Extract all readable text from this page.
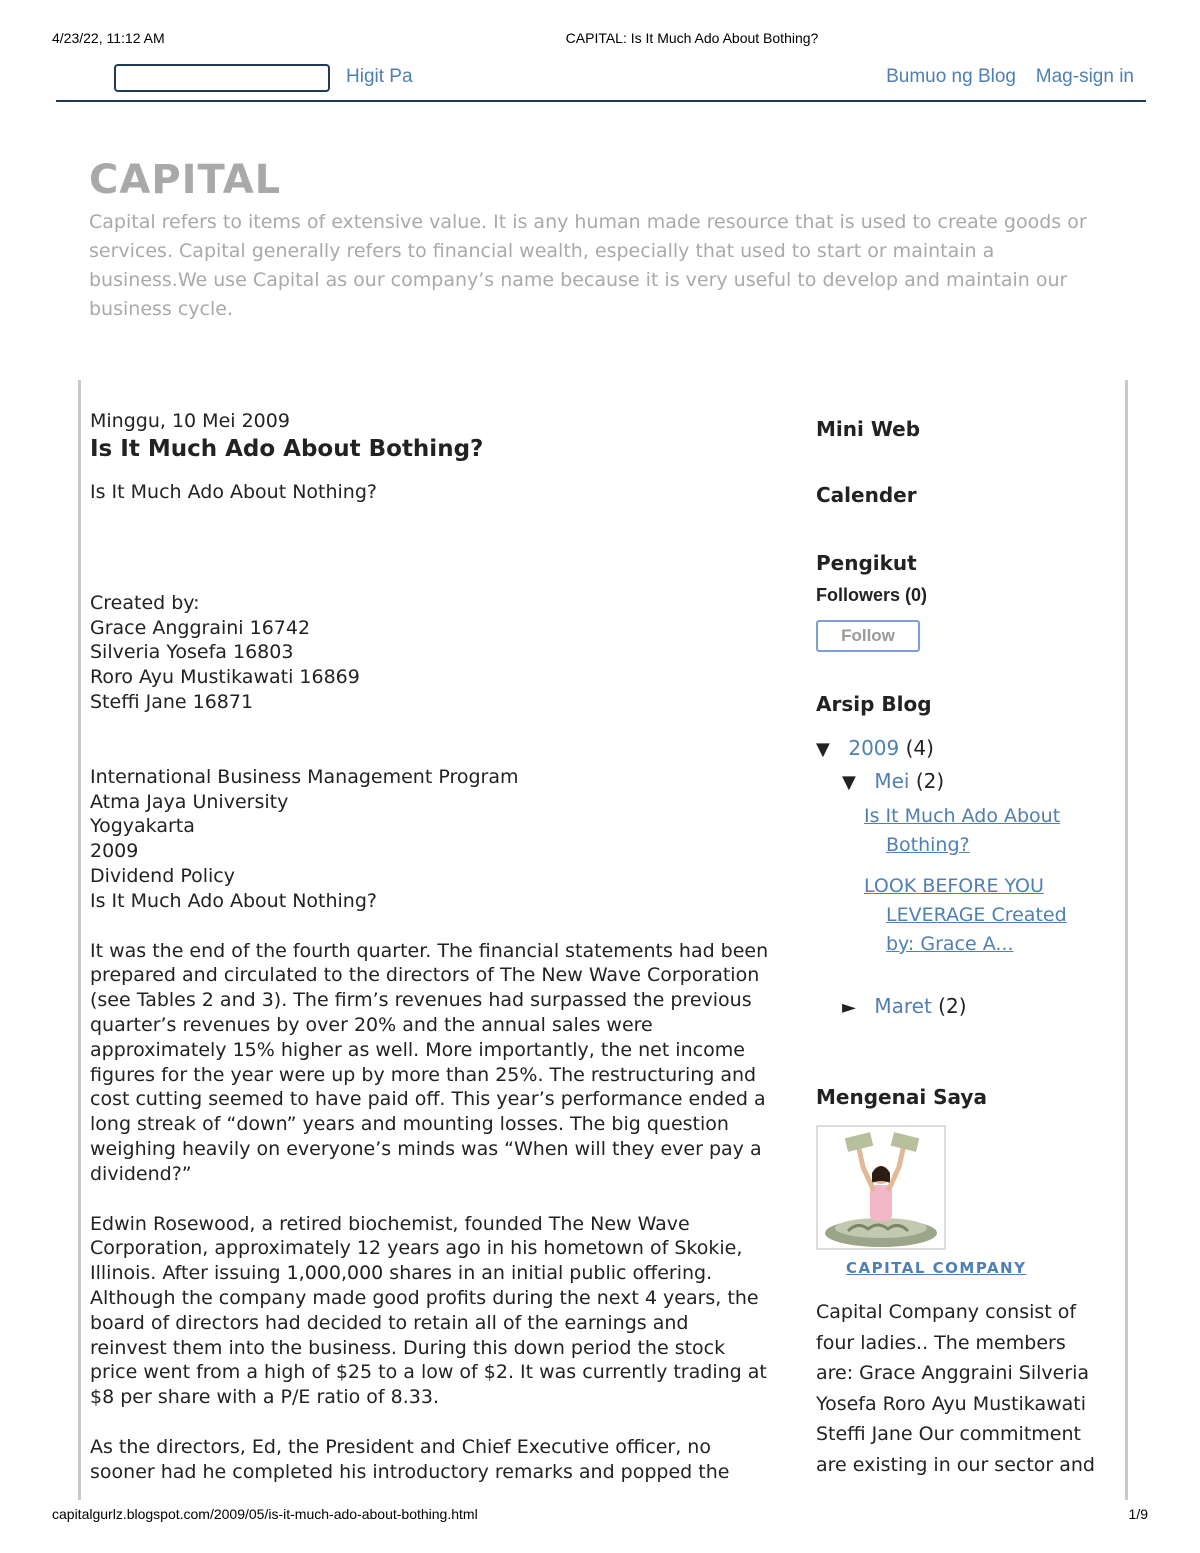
4/23/22, 11:12 AM	CAPITAL: Is It Much Ado About Bothing?
Higit Pa	Bumuo ng Blog Mag-sign in
CAPITAL

Capital refers to items of extensive value. It is any human made resource that is used to create goods or services. Capital generally refers to financial wealth, especially that used to start or maintain a business.We use Capital as our company’s name because it is very useful to develop and maintain our business cycle.

Minggu, 10 Mei 2009
Is It Much Ado About Bothing?
Is It Much Ado About Nothing?
Created by:
Grace Anggraini 16742
Silveria Yosefa 16803
Roro Ayu Mustikawati 16869
Steffi Jane 16871
International Business Management Program
Atma Jaya University
Yogyakarta
2009
Dividend Policy
Is It Much Ado About Nothing?

It was the end of the fourth quarter. The financial statements had been prepared and circulated to the directors of The New Wave Corporation (see Tables 2 and 3). The firm’s revenues had surpassed the previous quarter’s revenues by over 20% and the annual sales were approximately 15% higher as well. More importantly, the net income figures for the year were up by more than 25%. The restructuring and cost cutting seemed to have paid off. This year’s performance ended a long streak of “down” years and mounting losses. The big question weighing heavily on everyone’s minds was “When will they ever pay a dividend?”

Edwin Rosewood, a retired biochemist, founded The New Wave Corporation, approximately 12 years ago in his hometown of Skokie, Illinois. After issuing 1,000,000 shares in an initial public offering. Although the company made good profits during the next 4 years, the board of directors had decided to retain all of the earnings and reinvest them into the business. During this down period the stock price went from a high of $25 to a low of $2. It was currently trading at $8 per share with a P/E ratio of 8.33.

As the directors, Ed, the President and Chief Executive officer, no sooner had he completed his introductory remarks and popped the

Mini Web
Calender
Pengikut
Followers (0)
Follow
Arsip Blog
▼ 2009 (4)
▼ Mei (2)
Is It Much Ado About Bothing?
LOOK BEFORE YOU LEVERAGE Created by: Grace A...
► Maret (2)
Mengenai Saya
CAPITAL COMPANY

Capital Company consist of four ladies.. The members are: Grace Anggraini Silveria Yosefa Roro Ayu Mustikawati Steffi Jane Our commitment are existing in our sector and

capitalgurlz.blogspot.com/2009/05/is-it-much-ado-about-bothing.html	1/9
